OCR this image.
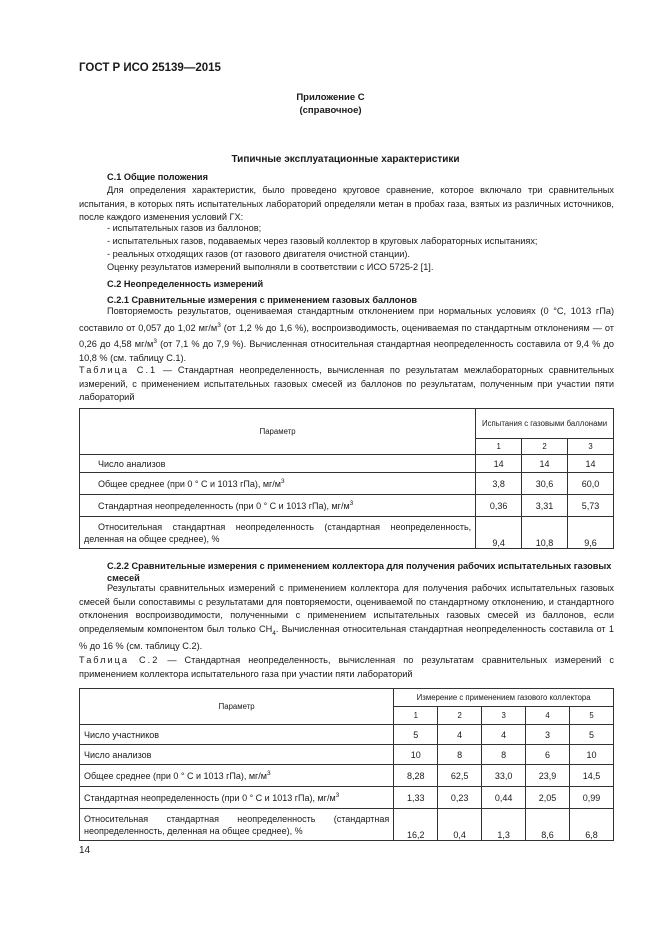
ГОСТ Р ИСО 25139—2015
Приложение С
(справочное)
Типичные эксплуатационные характеристики
С.1 Общие положения
Для определения характеристик, было проведено круговое сравнение, которое включало три сравнительных испытания, в которых пять испытательных лабораторий определяли метан в пробах газа, взятых из различных источников, после каждого изменения условий ГХ:
- испытательных газов из баллонов;
- испытательных газов, подаваемых через газовый коллектор в круговых лабораторных испытаниях;
- реальных отходящих газов (от газового двигателя очистной станции).
Оценку результатов измерений выполняли в соответствии с ИСО 5725-2 [1].
С.2 Неопределенность измерений
С.2.1 Сравнительные измерения с применением газовых баллонов
Повторяемость результатов, оцениваемая стандартным отклонением при нормальных условиях (0 °С, 1013 гПа) составило от 0,057 до 1,02 $мг/м^3$ (от 1,2 % до 1,6 %), воспроизводимость, оцениваемая по стандартным отклонениям — от 0,26 до 4,58 $мг/м^3$ (от 7,1 % до 7,9 %). Вычисленная относительная стандартная неопределенность составила от 9,4 % до 10,8 % (см. таблицу С.1).
Таблица С.1 — Стандартная неопределенность, вычисленная по результатам межлабораторных сравнительных измерений, с применением испытательных газовых смесей из баллонов по результатам, полученным при участии пяти лабораторий
Параметр	Испытания с газовыми баллонами		
	1	2	3
Число анализов	14	14	14
Общее среднее (при 0 ° С и 1013 гПа), $мг/м^3$	3,8	30,6	60,0
Стандартная неопределенность (при 0 ° С и 1013 гПа), $мг/м^3$	0,36	3,31	5,73
Относительная стандартная неопределенность (стандартная неопределенность, деленная на общее среднее), %	9,4	10,8	9,6
С.2.2 Сравнительные измерения с применением коллектора для получения рабочих испытательных газовых смесей
Результаты сравнительных измерений с применением коллектора для получения рабочих испытательных газовых смесей были сопоставимы с результатами для повторяемости, оцениваемой по стандартному отклонению, и стандартного отклонения воспроизводимости, полученными с применением испытательных газовых смесей из баллонов, если определяемым компонентом был только $CH_4$. Вычисленная относительная стандартная неопределенность составила от 1 % до 16 % (см. таблицу С.2).
Таблица С.2 — Стандартная неопределенность, вычисленная по результатам сравнительных измерений с применением коллектора испытательного газа при участии пяти лабораторий
Параметр	Измерение с применением газового коллектора				
	1	2	3	4	5
Число участников	5	4	4	3	5
Число анализов	10	8	8	6	10
Общее среднее (при 0 ° С и 1013 гПа), $мг/м^3$	8,28	62,5	33,0	23,9	14,5
Стандартная неопределенность (при 0 ° С и 1013 гПа), $мг/м^3$	1,33	0,23	0,44	2,05	0,99
Относительная стандартная неопределенность (стандартная неопределенность, деленная на общее среднее), %	16,2	0,4	1,3	8,6	6,8
14
